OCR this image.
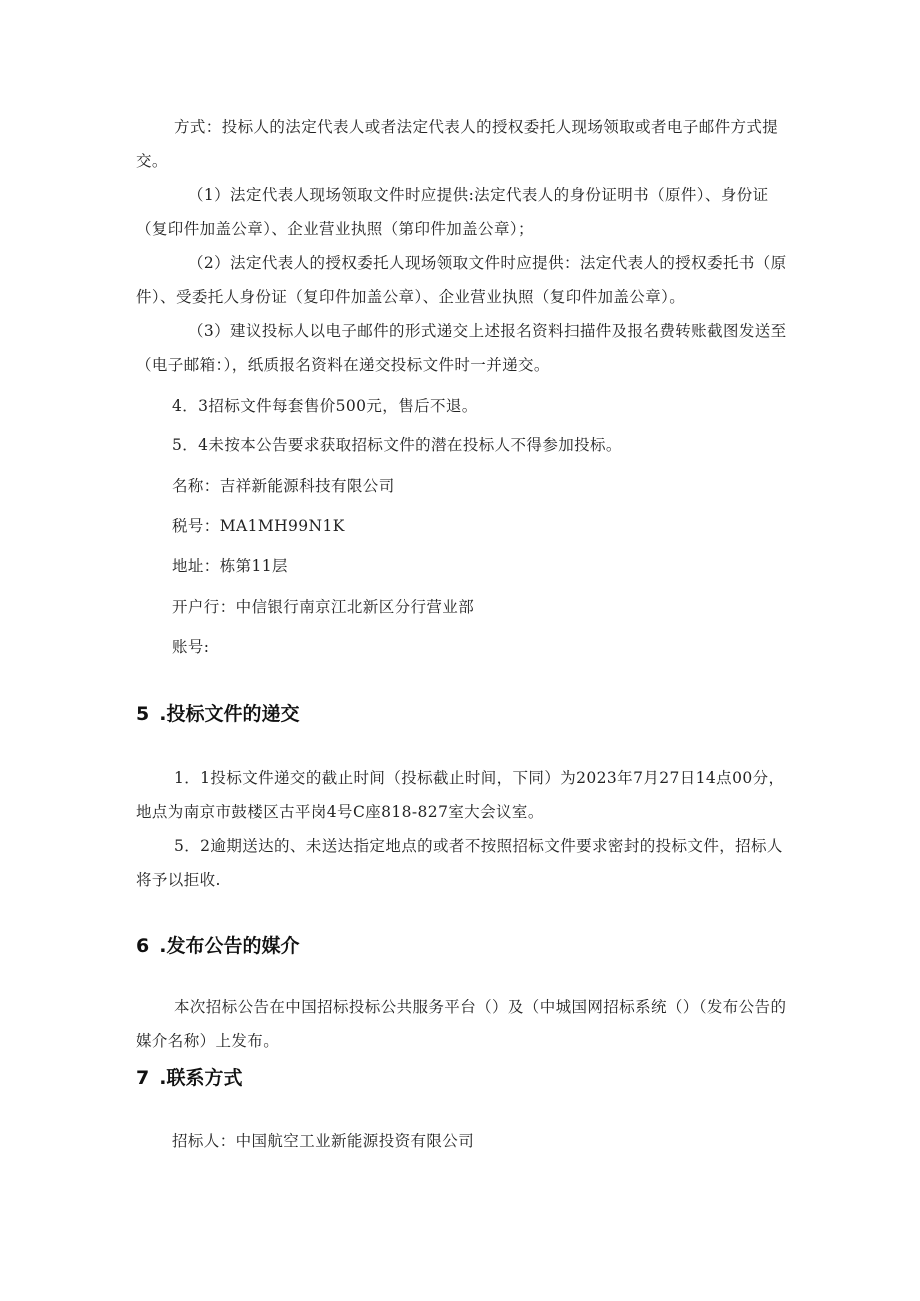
方式：投标人的法定代表人或者法定代表人的授权委托人现场领取或者电子邮件方式提交。

（1）法定代表人现场领取文件时应提供:法定代表人的身份证明书（原件）、身份证（复印件加盖公章）、企业营业执照（第印件加盖公章）；

（2）法定代表人的授权委托人现场领取文件时应提供：法定代表人的授权委托书（原件）、受委托人身份证（复印件加盖公章）、企业营业执照（复印件加盖公章）。

（3）建议投标人以电子邮件的形式递交上述报名资料扫描件及报名费转账截图发送至（电子邮箱：），纸质报名资料在递交投标文件时一并递交。

4．3招标文件每套售价500元，售后不退。

5．4未按本公告要求获取招标文件的潜在投标人不得参加投标。

名称：吉祥新能源科技有限公司

税号：MA1MH99N1K

地址：栋第11层

开户行：中信银行南京江北新区分行营业部

账号:

5 .投标文件的递交

1．1投标文件递交的截止时间（投标截止时间，下同）为2023年7月27日14点00分，地点为南京市鼓楼区古平岗4号C座818-827室大会议室。

5．2逾期送达的、未送达指定地点的或者不按照招标文件要求密封的投标文件，招标人将予以拒收.

6 .发布公告的媒介

本次招标公告在中国招标投标公共服务平台（）及（中城国网招标系统（）（发布公告的媒介名称）上发布。

7 .联系方式

招标人：中国航空工业新能源投资有限公司
